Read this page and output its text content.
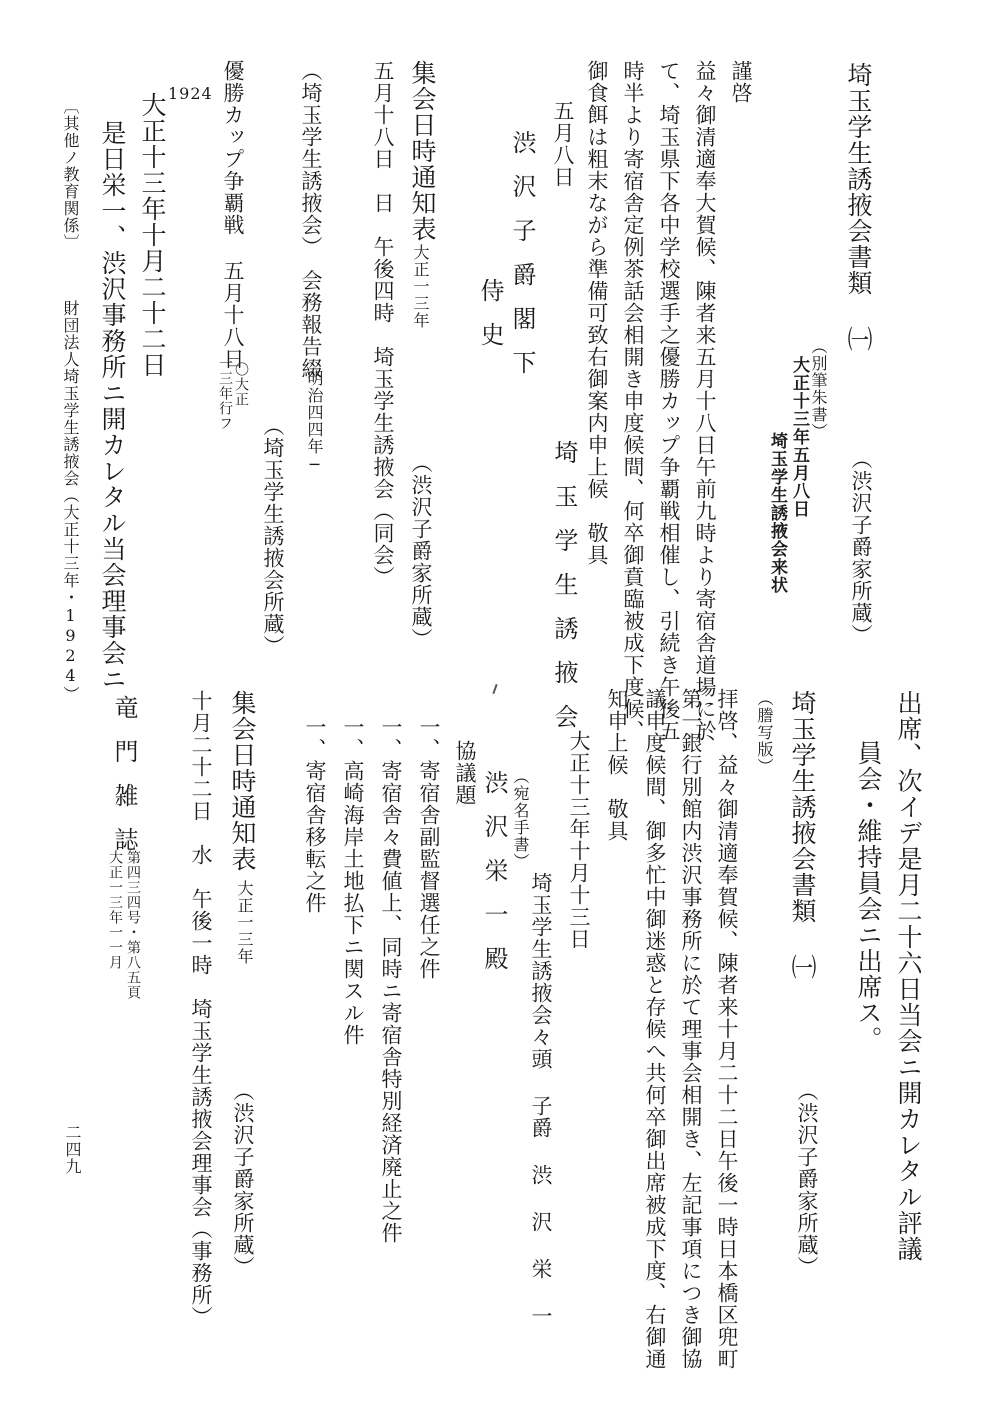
埼玉学生誘掖会書類 ㈠
（渋沢子爵家所蔵）
（別筆朱書）
大正十三年五月八日
埼玉学生誘掖会来状
謹啓
益々御清適奉大賀候、陳者来五月十八日午前九時より寄宿舎道場に於
て、埼玉県下各中学校選手之優勝カップ争覇戦相催し、引続き午後五
時半より寄宿舎定例茶話会相開き申度候間、何卒御賁臨被成下度候、
御食餌は粗末ながら準備可致右御案内申上候　敬具
五月八日
埼玉学生誘掖会
渋沢子爵閣下
侍史
集会日時通知表
大正一三年
五月十八日　日　午後四時　埼玉学生誘掖会（同会） （渋沢子爵家所蔵）
（埼玉学生誘掖会）　会務報告綴
明治四四年─
（埼玉学生誘掖会所蔵）
優勝カップ争覇戦
五月十八日
〇大正
一三年行フ
1924
大正十三年十月二十二日
是日栄一、渋沢事務所ニ開カレタル当会理事会ニ
〔其他ノ教育関係〕
財団法人埼玉学生誘掖会（大正十三年・1924）
出席、次イデ是月二十六日当会ニ開カレタル評議
員会・維持員会ニ出席ス。
埼玉学生誘掖会書類 ㈠
（謄写版）
（渋沢子爵家所蔵）
拝啓、益々御清適奉賀候、陳者来十月二十二日午後一時日本橋区兜町
第一銀行別館内渋沢事務所に於て理事会相開き、左記事項につき御協
議申度候間、御多忙中御迷惑と存候へ共何卒御出席被成下度、右御通
知申上候　敬具
大正十三年十月十三日
埼玉学生誘掖会々頭 子爵 渋 沢 栄 一
（宛名手書）
渋沢栄一殿
協議題
一、寄宿舎副監督選任之件
一、寄宿舎々費値上、同時ニ寄宿舎特別経済廃止之件
一、高崎海岸土地払下ニ関スル件
一、寄宿舎移転之件
集会日時通知表
大正一三年
（渋沢子爵家所蔵）
十月二十二日　水　午後一時　埼玉学生誘掖会理事会（事務所）
竜門雑誌
第四三四号・第八五頁
大正一三年一一月
二四九
